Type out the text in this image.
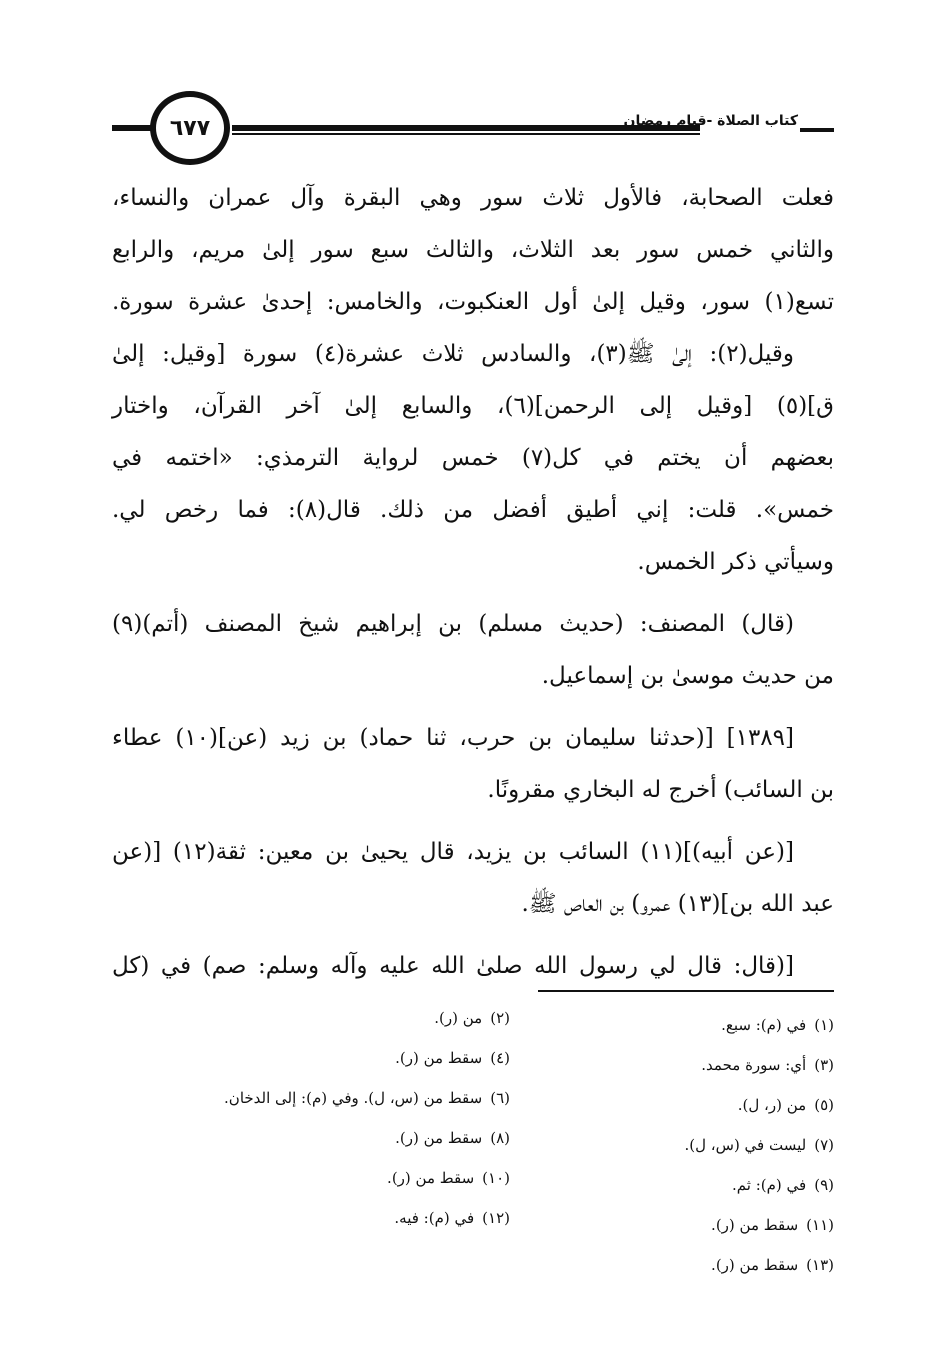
كتاب الصلاة -قيام رمضان
٦٧٧
فعلت الصحابة، فالأول ثلاث سور وهي البقرة وآل عمران والنساء،
والثاني خمس سور بعد الثلاث، والثالث سبع سور إلىٰ مريم، والرابع
تسع(١) سور، وقيل إلىٰ أول العنكبوت، والخامس: إحدىٰ عشرة سورة.
وقيل(٢): إلىٰ ﷺ(٣)، والسادس ثلاث عشرة(٤) سورة [وقيل: إلىٰ
ق](٥) [وقيل إلى الرحمن](٦)، والسابع إلىٰ آخر القرآن، واختار
بعضهم أن يختم في كل(٧) خمس لرواية الترمذي: «اختمه في
خمس». قلت: إني أطيق أفضل من ذلك. قال(٨): فما رخص لي.
وسيأتي ذكر الخمس.
(قال) المصنف: (حديث مسلم) بن إبراهيم شيخ المصنف (أتم)(٩)
من حديث موسىٰ بن إسماعيل.
[١٣٨٩] [(حدثنا سليمان بن حرب، ثنا حماد) بن زيد (عن](١٠) عطاء
بن السائب) أخرج له البخاري مقرونًا.
[(عن أبيه)](١١) السائب بن يزيد، قال يحيىٰ بن معين: ثقة(١٢) [(عن
عبد الله بن](١٣) عمرو) بن العاص ﷺ.
[(قال: قال لي رسول الله صلىٰ الله عليه وآله وسلم: صم) في (كل
(١)في (م): سبع.
(٣)أي: سورة محمد.
(٥)من (ر، ل).
(٧)ليست في (س، ل).
(٩)في (م): ثم.
(١١)سقط من (ر).
(١٣)سقط من (ر).
(٢)من (ر).
(٤)سقط من (ر).
(٦)سقط من (س، ل). وفي (م): إلى الدخان.
(٨)سقط من (ر).
(١٠)سقط من (ر).
(١٢)في (م): فيه.
